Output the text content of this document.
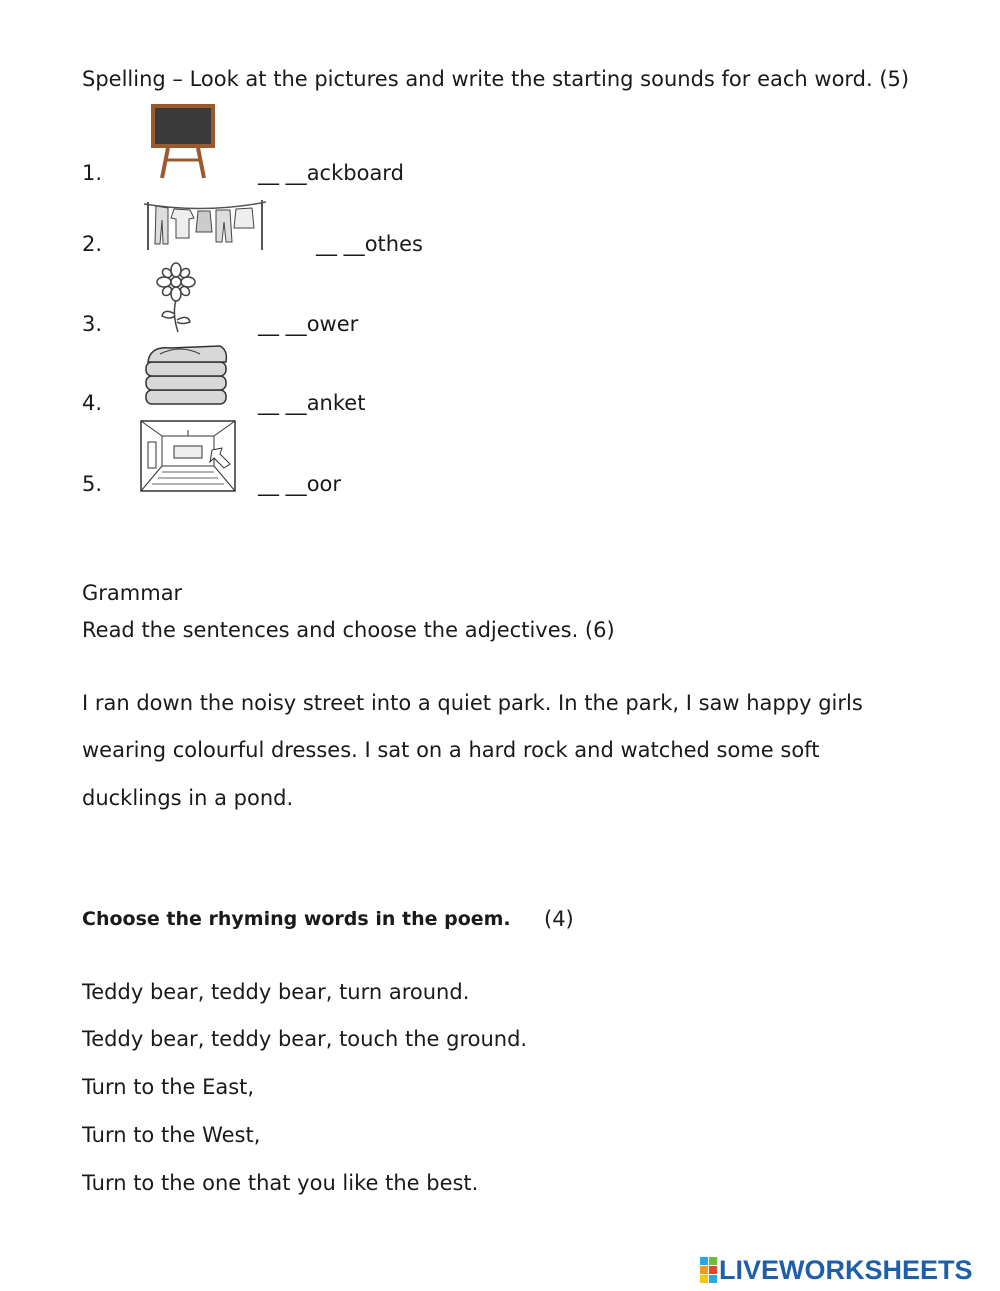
Spelling – Look at the pictures and write the starting sounds for each word. (5)
1.	__ __ackboard
2.	__ __othes
3.	__ __ower
4.	__ __anket
5.	__ __oor
Grammar
Read the sentences and choose the adjectives. (6)
I ran down the noisy street into a quiet park. In the park, I saw happy girls
wearing colourful dresses. I sat on a hard rock and watched some soft
ducklings in a pond.
Choose the rhyming words in the poem. (4)
Teddy bear, teddy bear, turn around.
Teddy bear, teddy bear, touch the ground.
Turn to the East,
Turn to the West,
Turn to the one that you like the best.
LIVEWORKSHEETS
